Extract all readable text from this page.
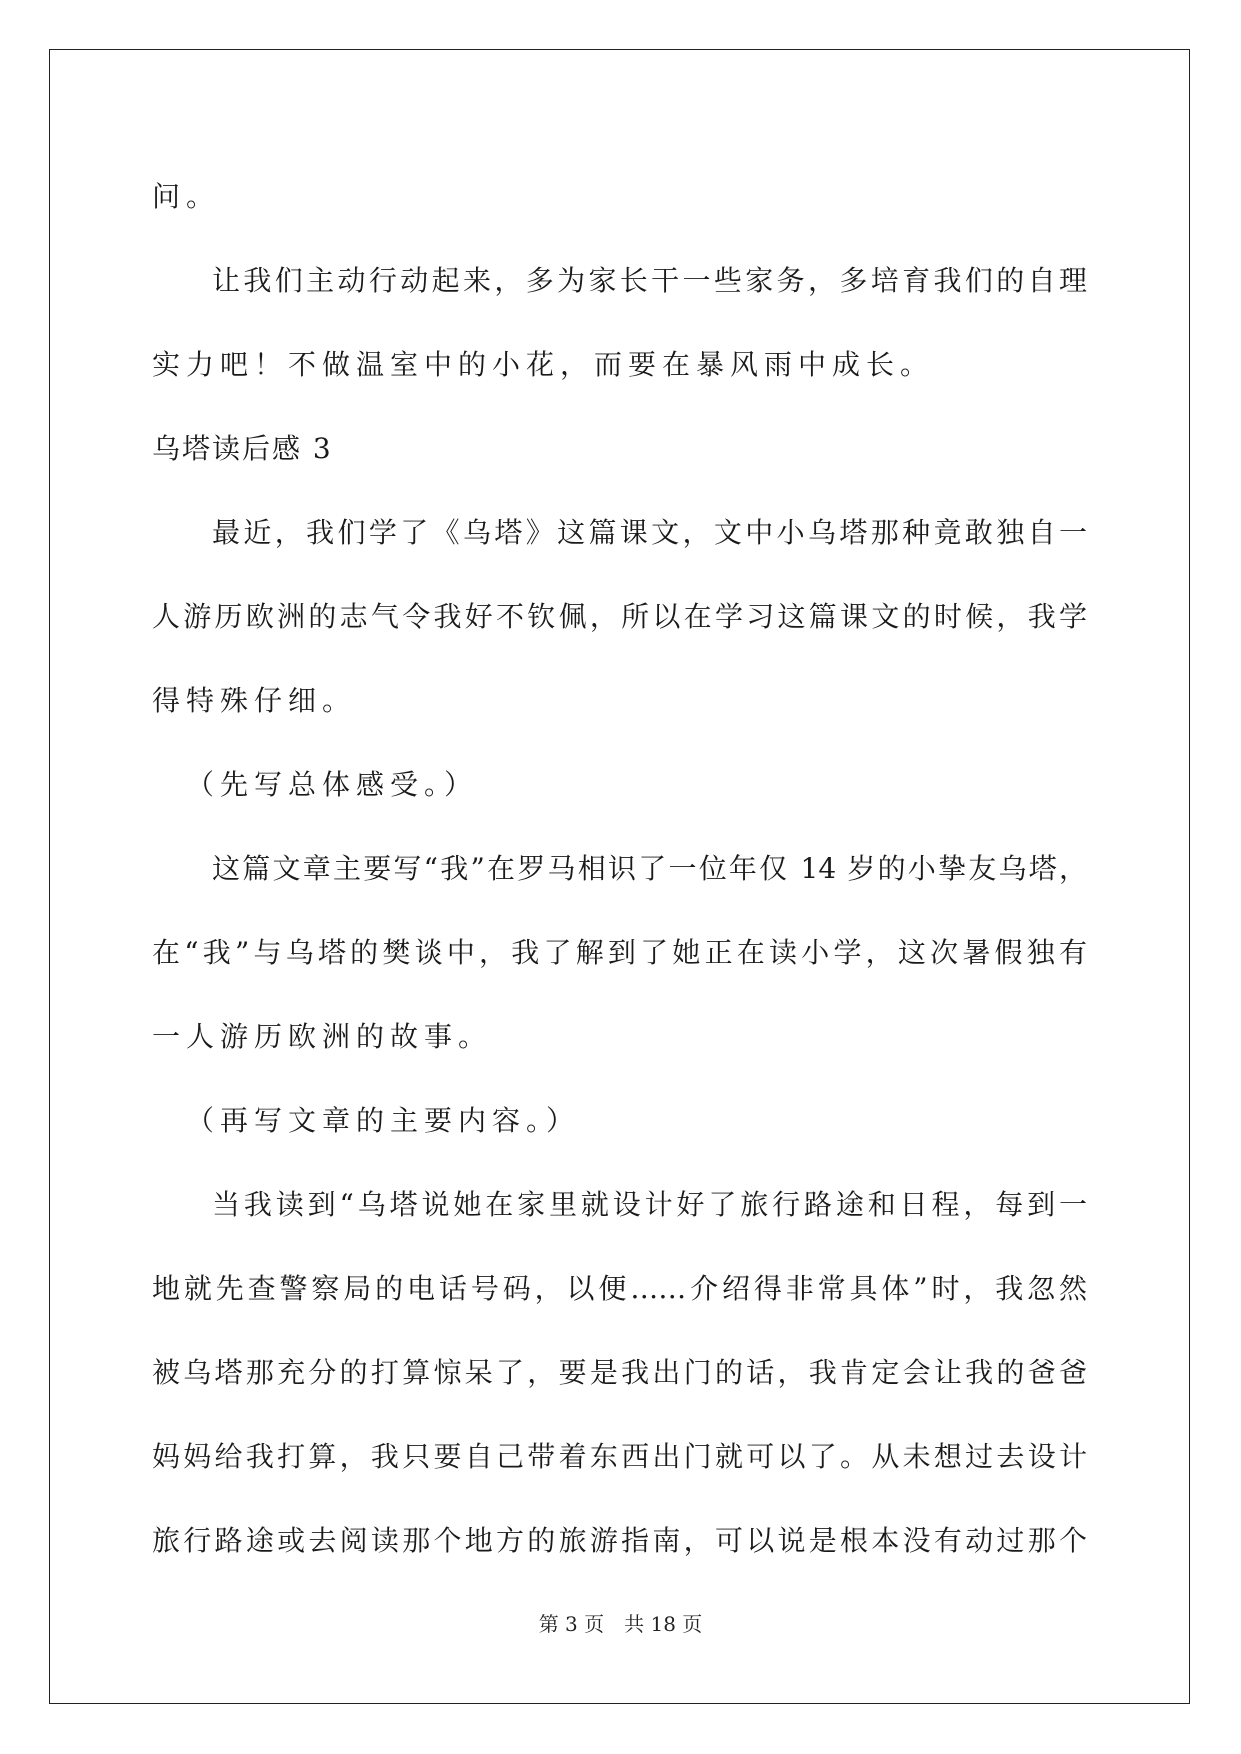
问。
让我们主动行动起来，多为家长干一些家务，多培育我们的自理
实力吧！不做温室中的小花，而要在暴风雨中成长。
乌塔读后感 3
最近，我们学了《乌塔》这篇课文，文中小乌塔那种竟敢独自一
人游历欧洲的志气令我好不钦佩，所以在学习这篇课文的时候，我学
得特殊仔细。
（先写总体感受。）
这篇文章主要写“我”在罗马相识了一位年仅 14 岁的小挚友乌塔，
在“我”与乌塔的樊谈中，我了解到了她正在读小学，这次暑假独有
一人游历欧洲的故事。
（再写文章的主要内容。）
当我读到“乌塔说她在家里就设计好了旅行路途和日程，每到一
地就先查警察局的电话号码，以便……介绍得非常具体”时，我忽然
被乌塔那充分的打算惊呆了，要是我出门的话，我肯定会让我的爸爸
妈妈给我打算，我只要自己带着东西出门就可以了。从未想过去设计
旅行路途或去阅读那个地方的旅游指南，可以说是根本没有动过那个
第 3 页　共 18 页
